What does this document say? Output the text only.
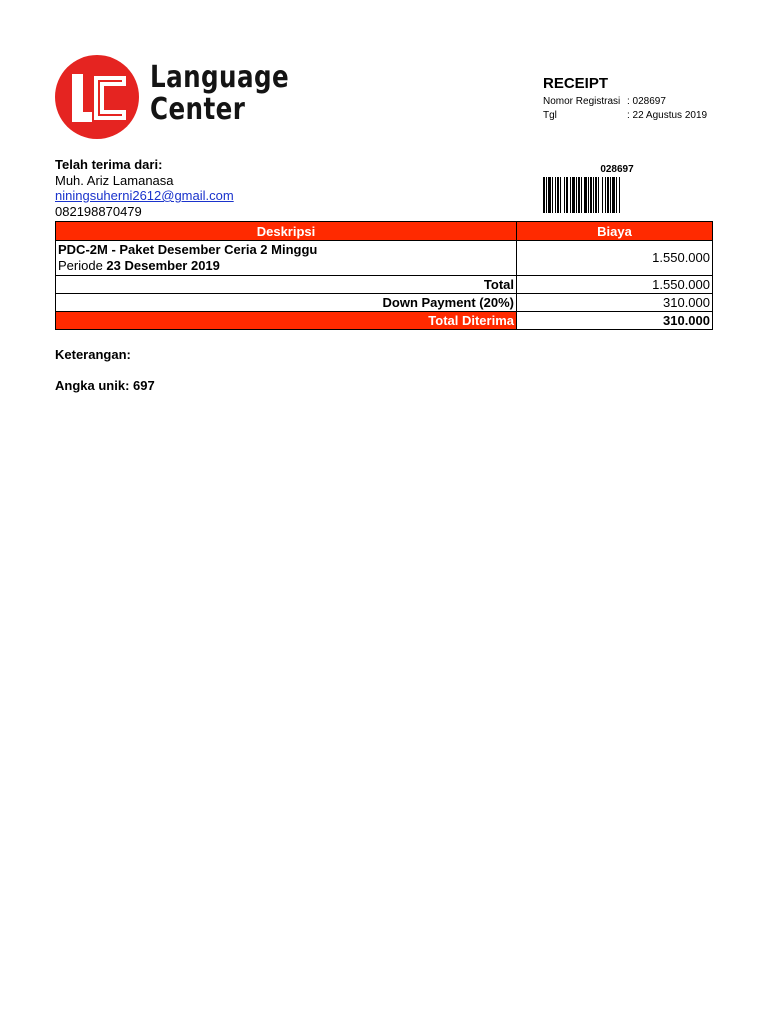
Language
Center
RECEIPT
Nomor Registrasi : 028697
Tgl	: 22 Agustus 2019
Telah terima dari:
Muh. Ariz Lamanasa
niningsuherni2612@gmail.com
082198870479
028697
Deskripsi	Biaya

PDC-2M - Paket Desember Ceria 2 Minggu
Periode 23 Desember 2019	1.550.000
Total	1.550.000
Down Payment (20%)	310.000
Total Diterima	310.000
Keterangan:
Angka unik: 697
